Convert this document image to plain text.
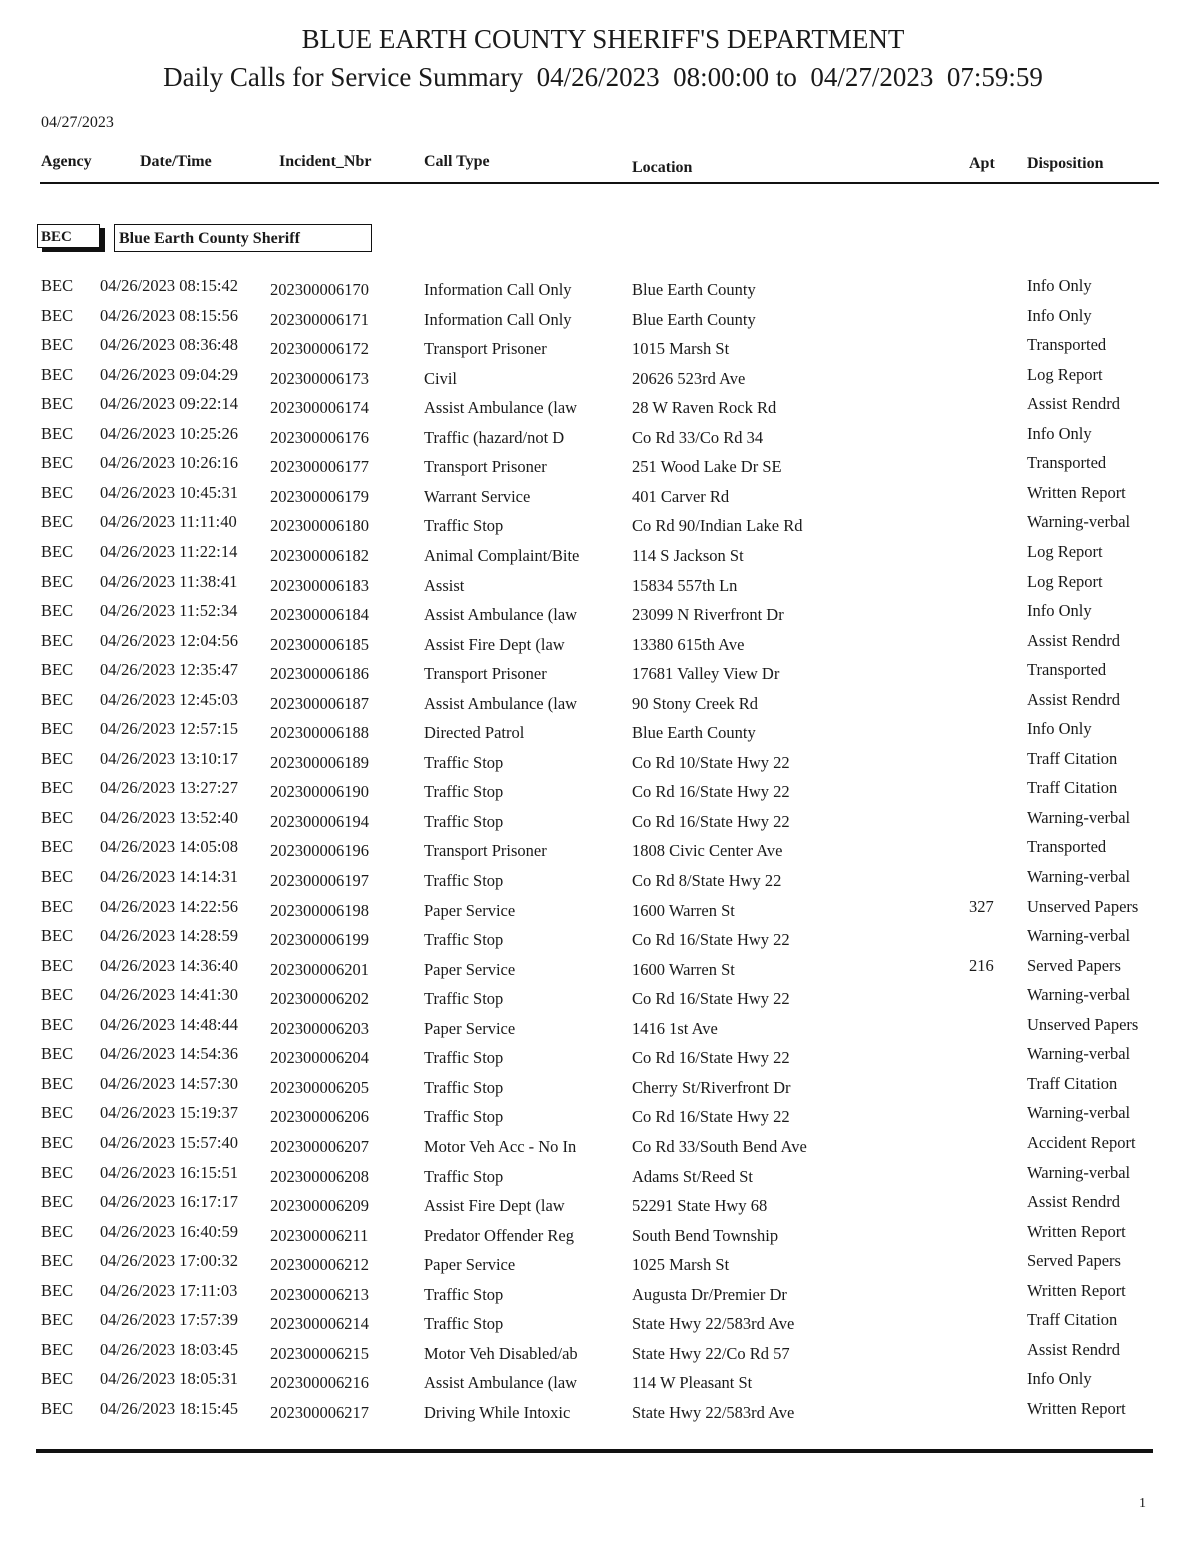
BLUE EARTH COUNTY SHERIFF'S DEPARTMENT
Daily Calls for Service Summary  04/26/2023  08:00:00 to  04/27/2023  07:59:59
04/27/2023
Agency	Date/Time	Incident_Nbr	Call Type	Location	Apt Disposition
BEC	Blue Earth County Sheriff
BEC 04/26/2023 08:15:42 202300006170	Information Call Only	Blue Earth County	Info Only
BEC 04/26/2023 08:15:56 202300006171	Information Call Only	Blue Earth County	Info Only
BEC 04/26/2023 08:36:48 202300006172	Transport Prisoner	1015 Marsh St	Transported
BEC 04/26/2023 09:04:29 202300006173	Civil	20626 523rd Ave	Log Report
BEC 04/26/2023 09:22:14 202300006174	Assist Ambulance (law	28 W Raven Rock Rd	Assist Rendrd
BEC 04/26/2023 10:25:26 202300006176	Traffic (hazard/not D	Co Rd 33/Co Rd 34	Info Only
BEC 04/26/2023 10:26:16 202300006177	Transport Prisoner	251 Wood Lake Dr SE	Transported
BEC 04/26/2023 10:45:31 202300006179	Warrant Service	401 Carver Rd	Written Report
BEC 04/26/2023 11:11:40 202300006180	Traffic Stop	Co Rd 90/Indian Lake Rd	Warning-verbal
BEC 04/26/2023 11:22:14 202300006182	Animal Complaint/Bite	114 S Jackson St	Log Report
BEC 04/26/2023 11:38:41 202300006183	Assist	15834 557th Ln	Log Report
BEC 04/26/2023 11:52:34 202300006184	Assist Ambulance (law	23099 N Riverfront Dr	Info Only
BEC 04/26/2023 12:04:56 202300006185	Assist Fire Dept (law	13380 615th Ave	Assist Rendrd
BEC 04/26/2023 12:35:47 202300006186	Transport Prisoner	17681 Valley View Dr	Transported
BEC 04/26/2023 12:45:03 202300006187	Assist Ambulance (law	90 Stony Creek Rd	Assist Rendrd
BEC 04/26/2023 12:57:15 202300006188	Directed Patrol	Blue Earth County	Info Only
BEC 04/26/2023 13:10:17 202300006189	Traffic Stop	Co Rd 10/State Hwy 22	Traff Citation
BEC 04/26/2023 13:27:27 202300006190	Traffic Stop	Co Rd 16/State Hwy 22	Traff Citation
BEC 04/26/2023 13:52:40 202300006194	Traffic Stop	Co Rd 16/State Hwy 22	Warning-verbal
BEC 04/26/2023 14:05:08 202300006196	Transport Prisoner	1808 Civic Center Ave	Transported
BEC 04/26/2023 14:14:31 202300006197	Traffic Stop	Co Rd 8/State Hwy 22	Warning-verbal
BEC 04/26/2023 14:22:56 202300006198	Paper Service	1600 Warren St	327 Unserved Papers
BEC 04/26/2023 14:28:59 202300006199	Traffic Stop	Co Rd 16/State Hwy 22	Warning-verbal
BEC 04/26/2023 14:36:40 202300006201	Paper Service	1600 Warren St	216 Served Papers
BEC 04/26/2023 14:41:30 202300006202	Traffic Stop	Co Rd 16/State Hwy 22	Warning-verbal
BEC 04/26/2023 14:48:44 202300006203	Paper Service	1416 1st Ave	Unserved Papers
BEC 04/26/2023 14:54:36 202300006204	Traffic Stop	Co Rd 16/State Hwy 22	Warning-verbal
BEC 04/26/2023 14:57:30 202300006205	Traffic Stop	Cherry St/Riverfront Dr	Traff Citation
BEC 04/26/2023 15:19:37 202300006206	Traffic Stop	Co Rd 16/State Hwy 22	Warning-verbal
BEC 04/26/2023 15:57:40 202300006207	Motor Veh Acc - No In	Co Rd 33/South Bend Ave	Accident Report
BEC 04/26/2023 16:15:51 202300006208	Traffic Stop	Adams St/Reed St	Warning-verbal
BEC 04/26/2023 16:17:17 202300006209	Assist Fire Dept (law	52291 State Hwy 68	Assist Rendrd
BEC 04/26/2023 16:40:59 202300006211	Predator Offender Reg	South Bend Township	Written Report
BEC 04/26/2023 17:00:32 202300006212	Paper Service	1025 Marsh St	Served Papers
BEC 04/26/2023 17:11:03 202300006213	Traffic Stop	Augusta Dr/Premier Dr	Written Report
BEC 04/26/2023 17:57:39 202300006214	Traffic Stop	State Hwy 22/583rd Ave	Traff Citation
BEC 04/26/2023 18:03:45 202300006215	Motor Veh Disabled/ab	State Hwy 22/Co Rd 57	Assist Rendrd
BEC 04/26/2023 18:05:31 202300006216	Assist Ambulance (law	114 W Pleasant St	Info Only
BEC 04/26/2023 18:15:45 202300006217	Driving While Intoxic	State Hwy 22/583rd Ave	Written Report
1
